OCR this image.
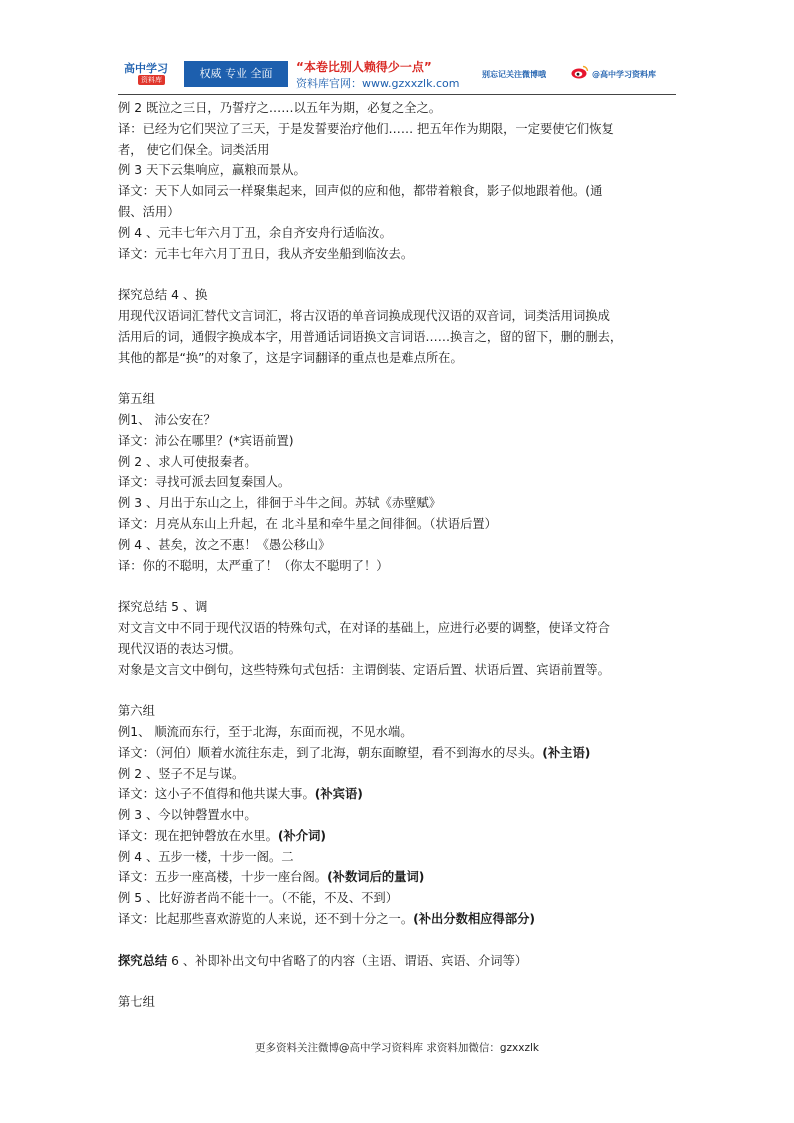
高中学习
资料库	权威 专业 全面	“本卷比别人赖得少一点”
资料库官网：www.gzxxzlk.com
别忘记关注微博哦	@高中学习资料库

例 2 既泣之三日，乃誓疗之……以五年为期，必复之全之。

译：已经为它们哭泣了三天，于是发誓要治疗他们…… 把五年作为期限，一定要使它们恢复

者， 使它们保全。词类活用

例 3 天下云集响应，赢粮而景从。

译文：天下人如同云一样聚集起来，回声似的应和他，都带着粮食，影子似地跟着他。(通

假、活用）

例 4 、元丰七年六月丁丑，余自齐安舟行适临汝。

译文：元丰七年六月丁丑日，我从齐安坐船到临汝去。

探究总结 4 、换

用现代汉语词汇替代文言词汇，将古汉语的单音词换成现代汉语的双音词，词类活用词换成

活用后的词，通假字换成本字，用普通话词语换文言词语……换言之，留的留下，删的删去，

其他的都是“换”的对象了，这是字词翻译的重点也是难点所在。

第五组

例1、 沛公安在？

译文：沛公在哪里？(*宾语前置)

例 2 、求人可使报秦者。

译文：寻找可派去回复秦国人。

例 3 、月出于东山之上，徘徊于斗牛之间。苏轼《赤壁赋》

译文：月亮从东山上升起，在 北斗星和牵牛星之间徘徊。（状语后置）

例 4 、甚矣，汝之不惠！《愚公移山》

译：你的不聪明，太严重了！（你太不聪明了！）

探究总结 5 、调

对文言文中不同于现代汉语的特殊句式，在对译的基础上，应进行必要的调整，使译文符合

现代汉语的表达习惯。

对象是文言文中倒句，这些特殊句式包括：主谓倒装、定语后置、状语后置、宾语前置等。

第六组

例1、 顺流而东行，至于北海，东面而视，不见水端。

译文：（河伯）顺着水流往东走，到了北海，朝东面瞭望，看不到海水的尽头。(补主语)

例 2 、竖子不足与谋。

译文：这小子不值得和他共谋大事。(补宾语)

例 3 、今以钟磬置水中。

译文：现在把钟磬放在水里。(补介词)

例 4 、五步一楼，十步一阁。二

译文：五步一座高楼，十步一座台阁。(补数词后的量词)

例 5 、比好游者尚不能十一。（不能，不及、不到）

译文：比起那些喜欢游览的人来说，还不到十分之一。(补出分数相应得部分)

探究总结 6 、补即补出文句中省略了的内容（主语、谓语、宾语、介词等）

第七组

更多资料关注微博@高中学习资料库 求资料加微信：gzxxzlk
